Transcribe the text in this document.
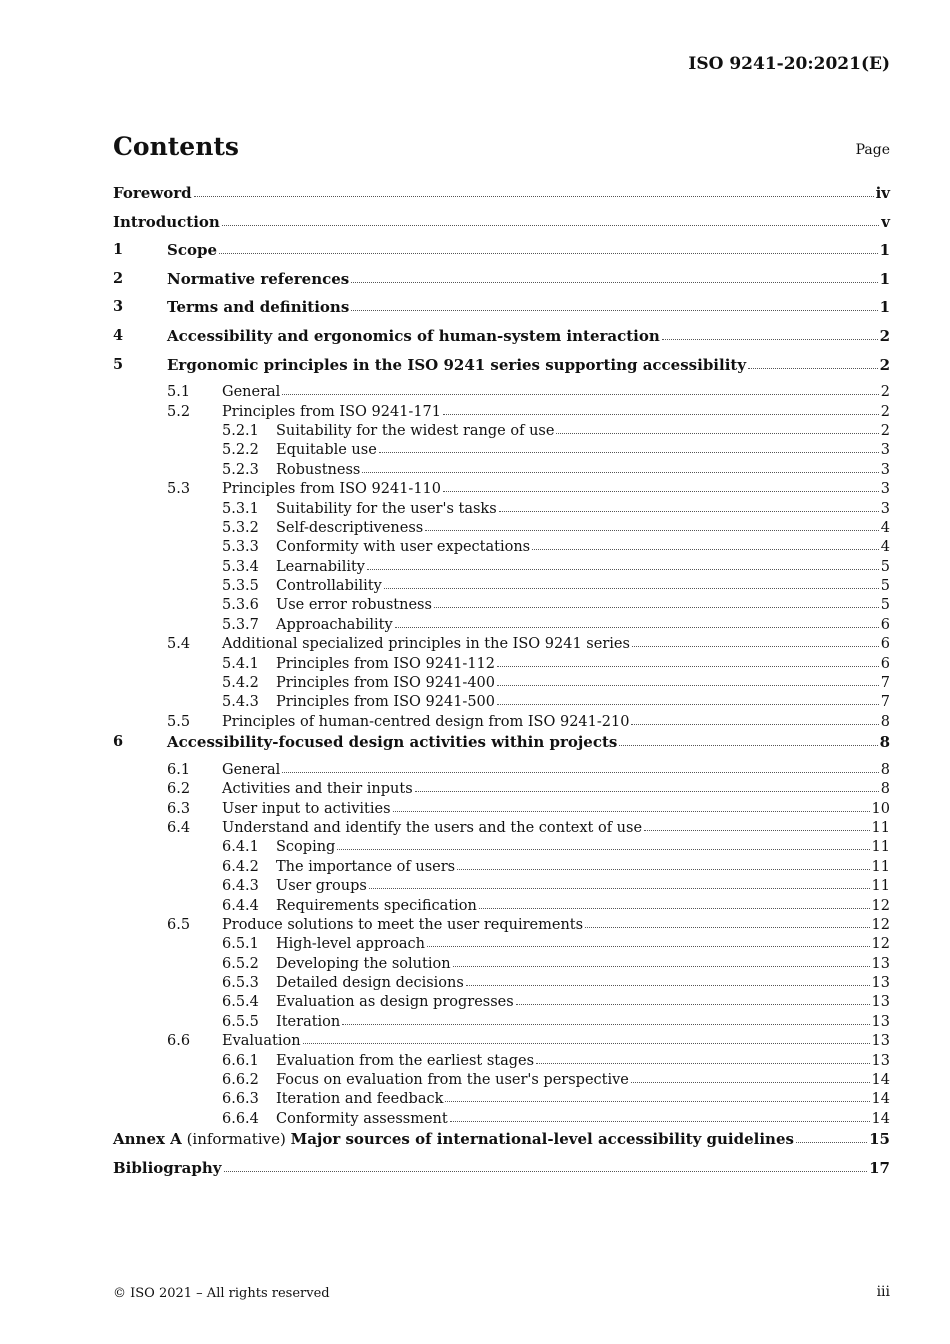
ISO 9241-20:2021(E)
Contents	Page
Foreword	iv
Introduction	v
1	Scope	1
2	Normative references	1
3	Terms and definitions	1
4	Accessibility and ergonomics of human-system interaction	2
5	Ergonomic principles in the ISO 9241 series supporting accessibility	2
5.1 General	2
5.2 Principles from ISO 9241-171	2
5.2.1 Suitability for the widest range of use	2
5.2.2 Equitable use	3
5.2.3 Robustness	3
5.3 Principles from ISO 9241-110	3
5.3.1 Suitability for the user's tasks	3
5.3.2 Self-descriptiveness	4
5.3.3 Conformity with user expectations	4
5.3.4 Learnability	5
5.3.5 Controllability	5
5.3.6 Use error robustness	5
5.3.7 Approachability	6
5.4 Additional specialized principles in the ISO 9241 series	6
5.4.1 Principles from ISO 9241-112	6
5.4.2 Principles from ISO 9241-400	7
5.4.3 Principles from ISO 9241-500	7
5.5 Principles of human-centred design from ISO 9241-210	8
6	Accessibility-focused design activities within projects	8
6.1 General	8
6.2 Activities and their inputs	8
6.3 User input to activities	10
6.4 Understand and identify the users and the context of use	11
6.4.1 Scoping	11
6.4.2 The importance of users	11
6.4.3 User groups	11
6.4.4 Requirements specification	12
6.5 Produce solutions to meet the user requirements	12
6.5.1 High-level approach	12
6.5.2 Developing the solution	13
6.5.3 Detailed design decisions	13
6.5.4 Evaluation as design progresses	13
6.5.5 Iteration	13
6.6 Evaluation	13
6.6.1 Evaluation from the earliest stages	13
6.6.2 Focus on evaluation from the user's perspective	14
6.6.3 Iteration and feedback	14
6.6.4 Conformity assessment	14
Annex A (informative) Major sources of international-level accessibility guidelines	15
Bibliography	17
© ISO 2021 – All rights reserved	iii
